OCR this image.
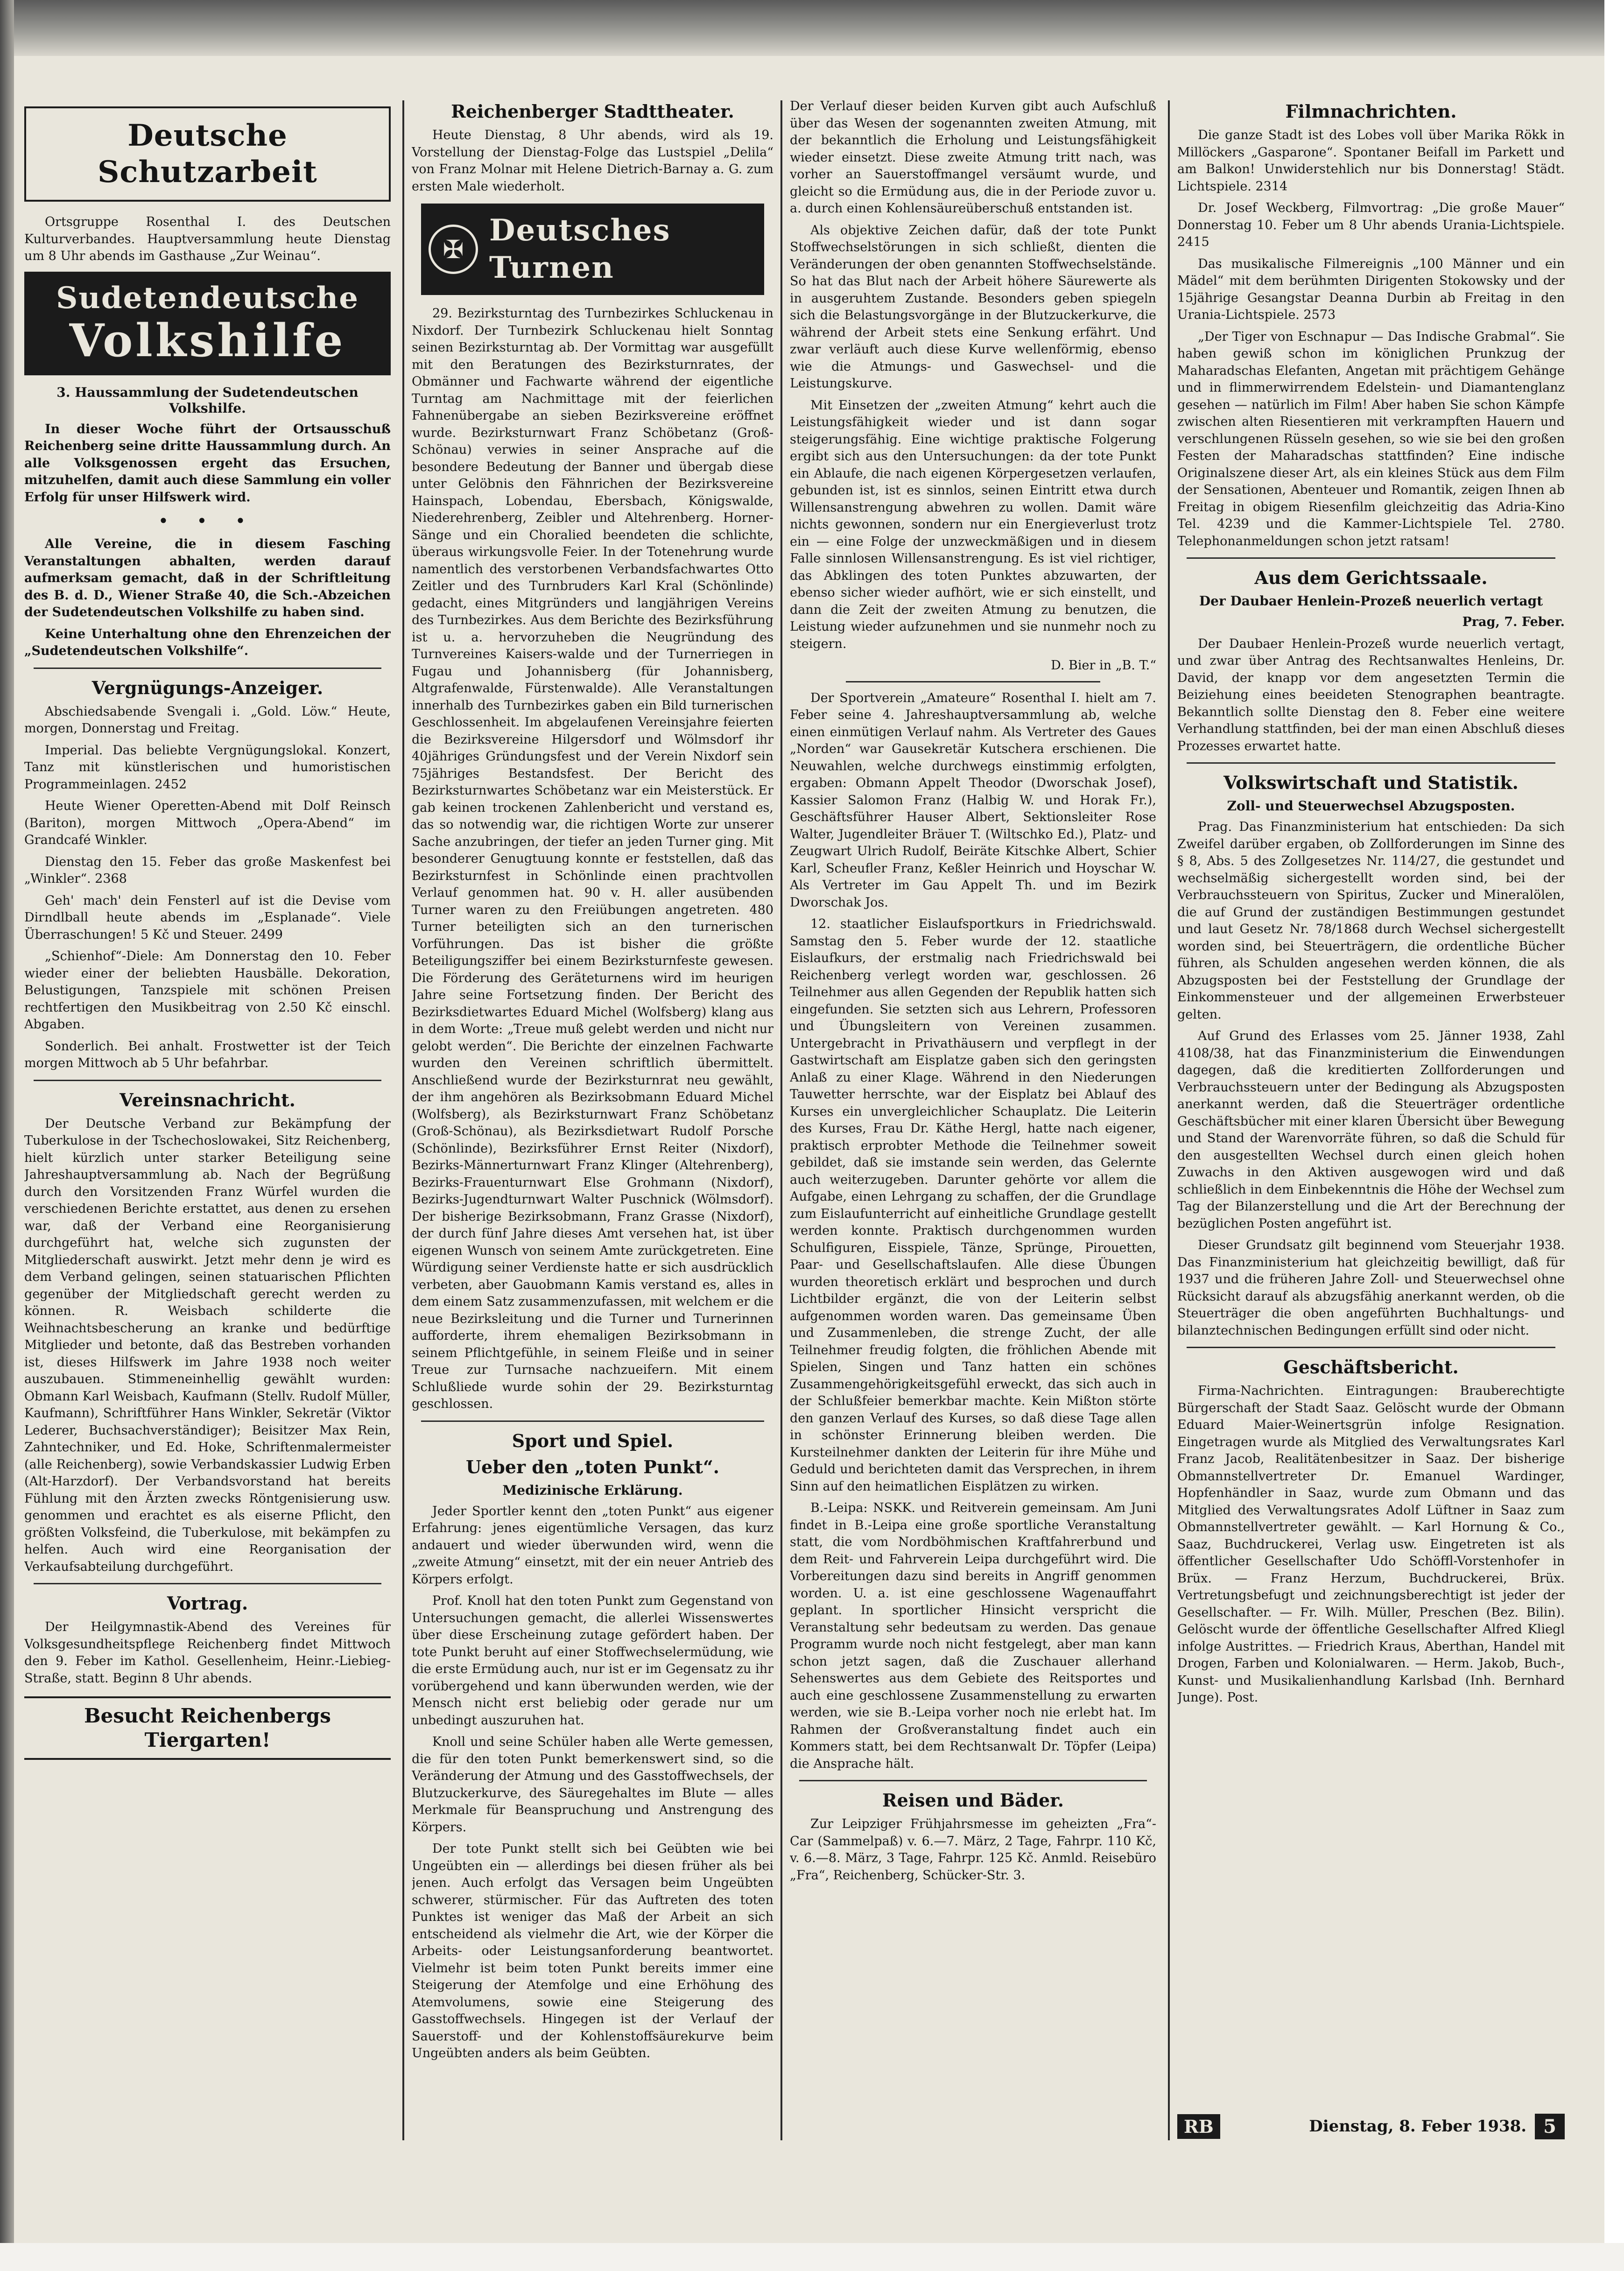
Deutsche Schutzarbeit

Ortsgruppe Rosenthal I. des Deutschen Kulturverbandes. Hauptversammlung heute Dienstag um 8 Uhr abends im Gasthause „Zur Weinau“.

Sudetendeutsche
Volkshilfe
3. Haussammlung der Sudetendeutschen Volkshilfe.

In dieser Woche führt der Ortsausschuß Reichenberg seine dritte Haussammlung durch. An alle Volksgenossen ergeht das Ersuchen, mitzuhelfen, damit auch diese Sammlung ein voller Erfolg für unser Hilfswerk wird.

• • •

Alle Vereine, die in diesem Fasching Veranstaltungen abhalten, werden darauf aufmerksam gemacht, daß in der Schriftleitung des B. d. D., Wiener Straße 40, die Sch.-Abzeichen der Sudetendeutschen Volkshilfe zu haben sind.

Keine Unterhaltung ohne den Ehrenzeichen der „Sudetendeutschen Volkshilfe“.

Vergnügungs-Anzeiger.

Abschiedsabende Svengali i. „Gold. Löw.“ Heute, morgen, Donnerstag und Freitag.

Imperial. Das beliebte Vergnügungslokal. Konzert, Tanz mit künstlerischen und humoristischen Programmeinlagen. 2452

Heute Wiener Operetten-Abend mit Dolf Reinsch (Bariton), morgen Mittwoch „Opera-Abend“ im Grandcafé Winkler.

Dienstag den 15. Feber das große Maskenfest bei „Winkler“. 2368

Geh' mach' dein Fensterl auf ist die Devise vom Dirndlball heute abends im „Esplanade“. Viele Überraschungen! 5 Kč und Steuer. 2499

„Schienhof“-Diele: Am Donnerstag den 10. Feber wieder einer der beliebten Hausbälle. Dekoration, Belustigungen, Tanzspiele mit schönen Preisen rechtfertigen den Musikbeitrag von 2.50 Kč einschl. Abgaben.

Sonderlich. Bei anhalt. Frostwetter ist der Teich morgen Mittwoch ab 5 Uhr befahrbar.

Vereinsnachricht.

Der Deutsche Verband zur Bekämpfung der Tuberkulose in der Tschechoslowakei, Sitz Reichenberg, hielt kürzlich unter starker Beteiligung seine Jahreshauptversammlung ab. Nach der Begrüßung durch den Vorsitzenden Franz Würfel wurden die verschiedenen Berichte erstattet, aus denen zu ersehen war, daß der Verband eine Reorganisierung durchgeführt hat, welche sich zugunsten der Mitgliederschaft auswirkt. Jetzt mehr denn je wird es dem Verband gelingen, seinen statuarischen Pflichten gegenüber der Mitgliedschaft gerecht werden zu können. R. Weisbach schilderte die Weihnachtsbescherung an kranke und bedürftige Mitglieder und betonte, daß das Bestreben vorhanden ist, dieses Hilfswerk im Jahre 1938 noch weiter auszubauen. Stimmeneinhellig gewählt wurden: Obmann Karl Weisbach, Kaufmann (Stellv. Rudolf Müller, Kaufmann), Schriftführer Hans Winkler, Sekretär (Viktor Lederer, Buchsachverständiger); Beisitzer Max Rein, Zahntechniker, und Ed. Hoke, Schriftenmalermeister (alle Reichenberg), sowie Verbandskassier Ludwig Erben (Alt-Harzdorf). Der Verbandsvorstand hat bereits Fühlung mit den Ärzten zwecks Röntgenisierung usw. genommen und erachtet es als eiserne Pflicht, den größten Volksfeind, die Tuberkulose, mit bekämpfen zu helfen. Auch wird eine Reorganisation der Verkaufsabteilung durchgeführt.

Vortrag.

Der Heilgymnastik-Abend des Vereines für Volksgesundheitspflege Reichenberg findet Mittwoch den 9. Feber im Kathol. Gesellenheim, Heinr.-Liebieg-Straße, statt. Beginn 8 Uhr abends.

Besucht Reichenbergs Tiergarten!
Reichenberger Stadttheater.

Heute Dienstag, 8 Uhr abends, wird als 19. Vorstellung der Dienstag-Folge das Lustspiel „Delila“ von Franz Molnar mit Helene Dietrich-Barnay a. G. zum ersten Male wiederholt.

✠
Deutsches Turnen

29. Bezirksturntag des Turnbezirkes Schluckenau in Nixdorf. Der Turnbezirk Schluckenau hielt Sonntag seinen Bezirksturntag ab. Der Vormittag war ausgefüllt mit den Beratungen des Bezirksturnrates, der Obmänner und Fachwarte während der eigentliche Turntag am Nachmittage mit der feierlichen Fahnenübergabe an sieben Bezirksvereine eröffnet wurde. Bezirksturnwart Franz Schöbetanz (Groß-Schönau) verwies in seiner Ansprache auf die besondere Bedeutung der Banner und übergab diese unter Gelöbnis den Fähnrichen der Bezirksvereine Hainspach, Lobendau, Ebersbach, Königswalde, Niederehrenberg, Zeibler und Altehrenberg. Horner-Sänge und ein Choralied beendeten die schlichte, überaus wirkungsvolle Feier. In der Totenehrung wurde namentlich des verstorbenen Verbandsfachwartes Otto Zeitler und des Turnbruders Karl Kral (Schönlinde) gedacht, eines Mitgründers und langjährigen Vereins des Turnbezirkes. Aus dem Berichte des Bezirksführung ist u. a. hervorzuheben die Neugründung des Turnvereines Kaisers-walde und der Turnerriegen in Fugau und Johannisberg (für Johannisberg, Altgrafenwalde, Fürstenwalde). Alle Veranstaltungen innerhalb des Turnbezirkes gaben ein Bild turnerischen Geschlossenheit. Im abgelaufenen Vereinsjahre feierten die Bezirksvereine Hilgersdorf und Wölmsdorf ihr 40jähriges Gründungsfest und der Verein Nixdorf sein 75jähriges Bestandsfest. Der Bericht des Bezirksturnwartes Schöbetanz war ein Meisterstück. Er gab keinen trockenen Zahlenbericht und verstand es, das so notwendig war, die richtigen Worte zur unserer Sache anzubringen, der tiefer an jeden Turner ging. Mit besonderer Genugtuung konnte er feststellen, daß das Bezirksturnfest in Schönlinde einen prachtvollen Verlauf genommen hat. 90 v. H. aller ausübenden Turner waren zu den Freiübungen angetreten. 480 Turner beteiligten sich an den turnerischen Vorführungen. Das ist bisher die größte Beteiligungsziffer bei einem Bezirksturnfeste gewesen. Die Förderung des Geräteturnens wird im heurigen Jahre seine Fortsetzung finden. Der Bericht des Bezirksdietwartes Eduard Michel (Wolfsberg) klang aus in dem Worte: „Treue muß gelebt werden und nicht nur gelobt werden“. Die Berichte der einzelnen Fachwarte wurden den Vereinen schriftlich übermittelt. Anschließend wurde der Bezirksturnrat neu gewählt, der ihm angehören als Bezirksobmann Eduard Michel (Wolfsberg), als Bezirksturnwart Franz Schöbetanz (Groß-Schönau), als Bezirksdietwart Rudolf Porsche (Schönlinde), Bezirksführer Ernst Reiter (Nixdorf), Bezirks-Männerturnwart Franz Klinger (Altehrenberg), Bezirks-Frauenturnwart Else Grohmann (Nixdorf), Bezirks-Jugendturnwart Walter Puschnick (Wölmsdorf). Der bisherige Bezirksobmann, Franz Grasse (Nixdorf), der durch fünf Jahre dieses Amt versehen hat, ist über eigenen Wunsch von seinem Amte zurückgetreten. Eine Würdigung seiner Verdienste hatte er sich ausdrücklich verbeten, aber Gauobmann Kamis verstand es, alles in dem einem Satz zusammenzufassen, mit welchem er die neue Bezirksleitung und die Turner und Turnerinnen aufforderte, ihrem ehemaligen Bezirksobmann in seinem Pflichtgefühle, in seinem Fleiße und in seiner Treue zur Turnsache nachzueifern. Mit einem Schlußliede wurde sohin der 29. Bezirksturntag geschlossen.

Sport und Spiel.
Ueber den „toten Punkt“.
Medizinische Erklärung.

Jeder Sportler kennt den „toten Punkt“ aus eigener Erfahrung: jenes eigentümliche Versagen, das kurz andauert und wieder überwunden wird, wenn die „zweite Atmung“ einsetzt, mit der ein neuer Antrieb des Körpers erfolgt.

Prof. Knoll hat den toten Punkt zum Gegenstand von Untersuchungen gemacht, die allerlei Wissenswertes über diese Erscheinung zutage gefördert haben. Der tote Punkt beruht auf einer Stoffwechselermüdung, wie die erste Ermüdung auch, nur ist er im Gegensatz zu ihr vorübergehend und kann überwunden werden, wie der Mensch nicht erst beliebig oder gerade nur um unbedingt auszuruhen hat.

Knoll und seine Schüler haben alle Werte gemessen, die für den toten Punkt bemerkenswert sind, so die Veränderung der Atmung und des Gasstoffwechsels, der Blutzuckerkurve, des Säuregehaltes im Blute — alles Merkmale für Beanspruchung und Anstrengung des Körpers.

Der tote Punkt stellt sich bei Geübten wie bei Ungeübten ein — allerdings bei diesen früher als bei jenen. Auch erfolgt das Versagen beim Ungeübten schwerer, stürmischer. Für das Auftreten des toten Punktes ist weniger das Maß der Arbeit an sich entscheidend als vielmehr die Art, wie der Körper die Arbeits- oder Leistungsanforderung beantwortet. Vielmehr ist beim toten Punkt bereits immer eine Steigerung der Atemfolge und eine Erhöhung des Atemvolumens, sowie eine Steigerung des Gasstoffwechsels. Hingegen ist der Verlauf der Sauerstoff- und der Kohlenstoffsäurekurve beim Ungeübten anders als beim Geübten.

Der Verlauf dieser beiden Kurven gibt auch Aufschluß über das Wesen der sogenannten zweiten Atmung, mit der bekanntlich die Erholung und Leistungsfähigkeit wieder einsetzt. Diese zweite Atmung tritt nach, was vorher an Sauerstoffmangel versäumt wurde, und gleicht so die Ermüdung aus, die in der Periode zuvor u. a. durch einen Kohlensäureüberschuß entstanden ist.

Als objektive Zeichen dafür, daß der tote Punkt Stoffwechselstörungen in sich schließt, dienten die Veränderungen der oben genannten Stoffwechselstände. So hat das Blut nach der Arbeit höhere Säurewerte als in ausgeruhtem Zustande. Besonders geben spiegeln sich die Belastungsvorgänge in der Blutzuckerkurve, die während der Arbeit stets eine Senkung erfährt. Und zwar verläuft auch diese Kurve wellenförmig, ebenso wie die Atmungs- und Gaswechsel- und die Leistungskurve.

Mit Einsetzen der „zweiten Atmung“ kehrt auch die Leistungsfähigkeit wieder und ist dann sogar steigerungsfähig. Eine wichtige praktische Folgerung ergibt sich aus den Untersuchungen: da der tote Punkt ein Ablaufe, die nach eigenen Körpergesetzen verlaufen, gebunden ist, ist es sinnlos, seinen Eintritt etwa durch Willensanstrengung abwehren zu wollen. Damit wäre nichts gewonnen, sondern nur ein Energieverlust trotz ein — eine Folge der unzweckmäßigen und in diesem Falle sinnlosen Willensanstrengung. Es ist viel richtiger, das Abklingen des toten Punktes abzuwarten, der ebenso sicher wieder aufhört, wie er sich einstellt, und dann die Zeit der zweiten Atmung zu benutzen, die Leistung wieder aufzunehmen und sie nunmehr noch zu steigern.

D. Bier in „B. T.“

Der Sportverein „Amateure“ Rosenthal I. hielt am 7. Feber seine 4. Jahreshauptversammlung ab, welche einen einmütigen Verlauf nahm. Als Vertreter des Gaues „Norden“ war Gausekretär Kutschera erschienen. Die Neuwahlen, welche durchwegs einstimmig erfolgten, ergaben: Obmann Appelt Theodor (Dworschak Josef), Kassier Salomon Franz (Halbig W. und Horak Fr.), Geschäftsführer Hauser Albert, Sektionsleiter Rose Walter, Jugendleiter Bräuer T. (Wiltschko Ed.), Platz- und Zeugwart Ulrich Rudolf, Beiräte Kitschke Albert, Schier Karl, Scheufler Franz, Keßler Heinrich und Hoyschar W. Als Vertreter im Gau Appelt Th. und im Bezirk Dworschak Jos.

12. staatlicher Eislaufsportkurs in Friedrichswald. Samstag den 5. Feber wurde der 12. staatliche Eislaufkurs, der erstmalig nach Friedrichswald bei Reichenberg verlegt worden war, geschlossen. 26 Teilnehmer aus allen Gegenden der Republik hatten sich eingefunden. Sie setzten sich aus Lehrern, Professoren und Übungsleitern von Vereinen zusammen. Untergebracht in Privathäusern und verpflegt in der Gastwirtschaft am Eisplatze gaben sich den geringsten Anlaß zu einer Klage. Während in den Niederungen Tauwetter herrschte, war der Eisplatz bei Ablauf des Kurses ein unvergleichlicher Schauplatz. Die Leiterin des Kurses, Frau Dr. Käthe Hergl, hatte nach eigener, praktisch erprobter Methode die Teilnehmer soweit gebildet, daß sie imstande sein werden, das Gelernte auch weiterzugeben. Darunter gehörte vor allem die Aufgabe, einen Lehrgang zu schaffen, der die Grundlage zum Eislaufunterricht auf einheitliche Grundlage gestellt werden konnte. Praktisch durchgenommen wurden Schulfiguren, Eisspiele, Tänze, Sprünge, Pirouetten, Paar- und Gesellschaftslaufen. Alle diese Übungen wurden theoretisch erklärt und besprochen und durch Lichtbilder ergänzt, die von der Leiterin selbst aufgenommen worden waren. Das gemeinsame Üben und Zusammenleben, die strenge Zucht, der alle Teilnehmer freudig folgten, die fröhlichen Abende mit Spielen, Singen und Tanz hatten ein schönes Zusammengehörigkeitsgefühl erweckt, das sich auch in der Schlußfeier bemerkbar machte. Kein Mißton störte den ganzen Verlauf des Kurses, so daß diese Tage allen in schönster Erinnerung bleiben werden. Die Kursteilnehmer dankten der Leiterin für ihre Mühe und Geduld und berichteten damit das Versprechen, in ihrem Sinn auf den heimatlichen Eisplätzen zu wirken.

B.-Leipa: NSKK. und Reitverein gemeinsam. Am Juni findet in B.-Leipa eine große sportliche Veranstaltung statt, die vom Nordböhmischen Kraftfahrerbund und dem Reit- und Fahrverein Leipa durchgeführt wird. Die Vorbereitungen dazu sind bereits in Angriff genommen worden. U. a. ist eine geschlossene Wagenauffahrt geplant. In sportlicher Hinsicht verspricht die Veranstaltung sehr bedeutsam zu werden. Das genaue Programm wurde noch nicht festgelegt, aber man kann schon jetzt sagen, daß die Zuschauer allerhand Sehenswertes aus dem Gebiete des Reitsportes und auch eine geschlossene Zusammenstellung zu erwarten werden, wie sie B.-Leipa vorher noch nie erlebt hat. Im Rahmen der Großveranstaltung findet auch ein Kommers statt, bei dem Rechtsanwalt Dr. Töpfer (Leipa) die Ansprache hält.

Reisen und Bäder.

Zur Leipziger Frühjahrsmesse im geheizten „Fra“-Car (Sammelpaß) v. 6.—7. März, 2 Tage, Fahrpr. 110 Kč, v. 6.—8. März, 3 Tage, Fahrpr. 125 Kč. Anmld. Reisebüro „Fra“, Reichenberg, Schücker-Str. 3.

Filmnachrichten.

Die ganze Stadt ist des Lobes voll über Marika Rökk in Millöckers „Gasparone“. Spontaner Beifall im Parkett und am Balkon! Unwiderstehlich nur bis Donnerstag! Städt. Lichtspiele. 2314

Dr. Josef Weckberg, Filmvortrag: „Die große Mauer“ Donnerstag 10. Feber um 8 Uhr abends Urania-Lichtspiele. 2415

Das musikalische Filmereignis „100 Männer und ein Mädel“ mit dem berühmten Dirigenten Stokowsky und der 15jährige Gesangstar Deanna Durbin ab Freitag in den Urania-Lichtspiele. 2573

„Der Tiger von Eschnapur — Das Indische Grabmal“. Sie haben gewiß schon im königlichen Prunkzug der Maharadschas Elefanten, Angetan mit prächtigem Gehänge und in flimmerwirrendem Edelstein- und Diamantenglanz gesehen — natürlich im Film! Aber haben Sie schon Kämpfe zwischen alten Riesentieren mit verkrampften Hauern und verschlungenen Rüsseln gesehen, so wie sie bei den großen Festen der Maharadschas stattfinden? Eine indische Originalszene dieser Art, als ein kleines Stück aus dem Film der Sensationen, Abenteuer und Romantik, zeigen Ihnen ab Freitag in obigem Riesenfilm gleichzeitig das Adria-Kino Tel. 4239 und die Kammer-Lichtspiele Tel. 2780. Telephonanmeldungen schon jetzt ratsam!

Aus dem Gerichtssaale.
Der Daubaer Henlein-Prozeß neuerlich vertagt

Prag, 7. Feber.

Der Daubaer Henlein-Prozeß wurde neuerlich vertagt, und zwar über Antrag des Rechtsanwaltes Henleins, Dr. David, der knapp vor dem angesetzten Termin die Beiziehung eines beeideten Stenographen beantragte. Bekanntlich sollte Dienstag den 8. Feber eine weitere Verhandlung stattfinden, bei der man einen Abschluß dieses Prozesses erwartet hatte.

Volkswirtschaft und Statistik.
Zoll- und Steuerwechsel Abzugsposten.

Prag. Das Finanzministerium hat entschieden: Da sich Zweifel darüber ergaben, ob Zollforderungen im Sinne des § 8, Abs. 5 des Zollgesetzes Nr. 114/27, die gestundet und wechselmäßig sichergestellt worden sind, bei der Verbrauchssteuern von Spiritus, Zucker und Mineralölen, die auf Grund der zuständigen Bestimmungen gestundet und laut Gesetz Nr. 78/1868 durch Wechsel sichergestellt worden sind, bei Steuerträgern, die ordentliche Bücher führen, als Schulden angesehen werden können, die als Abzugsposten bei der Feststellung der Grundlage der Einkommensteuer und der allgemeinen Erwerbsteuer gelten.

Auf Grund des Erlasses vom 25. Jänner 1938, Zahl 4108/38, hat das Finanzministerium die Einwendungen dagegen, daß die kreditierten Zollforderungen und Verbrauchssteuern unter der Bedingung als Abzugsposten anerkannt werden, daß die Steuerträger ordentliche Geschäftsbücher mit einer klaren Übersicht über Bewegung und Stand der Warenvorräte führen, so daß die Schuld für den ausgestellten Wechsel durch einen gleich hohen Zuwachs in den Aktiven ausgewogen wird und daß schließlich in dem Einbekenntnis die Höhe der Wechsel zum Tag der Bilanzerstellung und die Art der Berechnung der bezüglichen Posten angeführt ist.

Dieser Grundsatz gilt beginnend vom Steuerjahr 1938. Das Finanzministerium hat gleichzeitig bewilligt, daß für 1937 und die früheren Jahre Zoll- und Steuerwechsel ohne Rücksicht darauf als abzugsfähig anerkannt werden, ob die Steuerträger die oben angeführten Buchhaltungs- und bilanztechnischen Bedingungen erfüllt sind oder nicht.

Geschäftsbericht.

Firma-Nachrichten. Eintragungen: Brauberechtigte Bürgerschaft der Stadt Saaz. Gelöscht wurde der Obmann Eduard Maier-Weinertsgrün infolge Resignation. Eingetragen wurde als Mitglied des Verwaltungsrates Karl Franz Jacob, Realitätenbesitzer in Saaz. Der bisherige Obmannstellvertreter Dr. Emanuel Wardinger, Hopfenhändler in Saaz, wurde zum Obmann und das Mitglied des Verwaltungsrates Adolf Lüftner in Saaz zum Obmannstellvertreter gewählt. — Karl Hornung & Co., Saaz, Buchdruckerei, Verlag usw. Eingetreten ist als öffentlicher Gesellschafter Udo Schöffl-Vorstenhofer in Brüx. — Franz Herzum, Buchdruckerei, Brüx. Vertretungsbefugt und zeichnungsberechtigt ist jeder der Gesellschafter. — Fr. Wilh. Müller, Preschen (Bez. Bilin). Gelöscht wurde der öffentliche Gesellschafter Alfred Kliegl infolge Austrittes. — Friedrich Kraus, Aberthan, Handel mit Drogen, Farben und Kolonialwaren. — Herm. Jakob, Buch-, Kunst- und Musikalienhandlung Karlsbad (Inh. Bernhard Junge). Post.

RB	Dienstag, 8. Feber 1938. 5
